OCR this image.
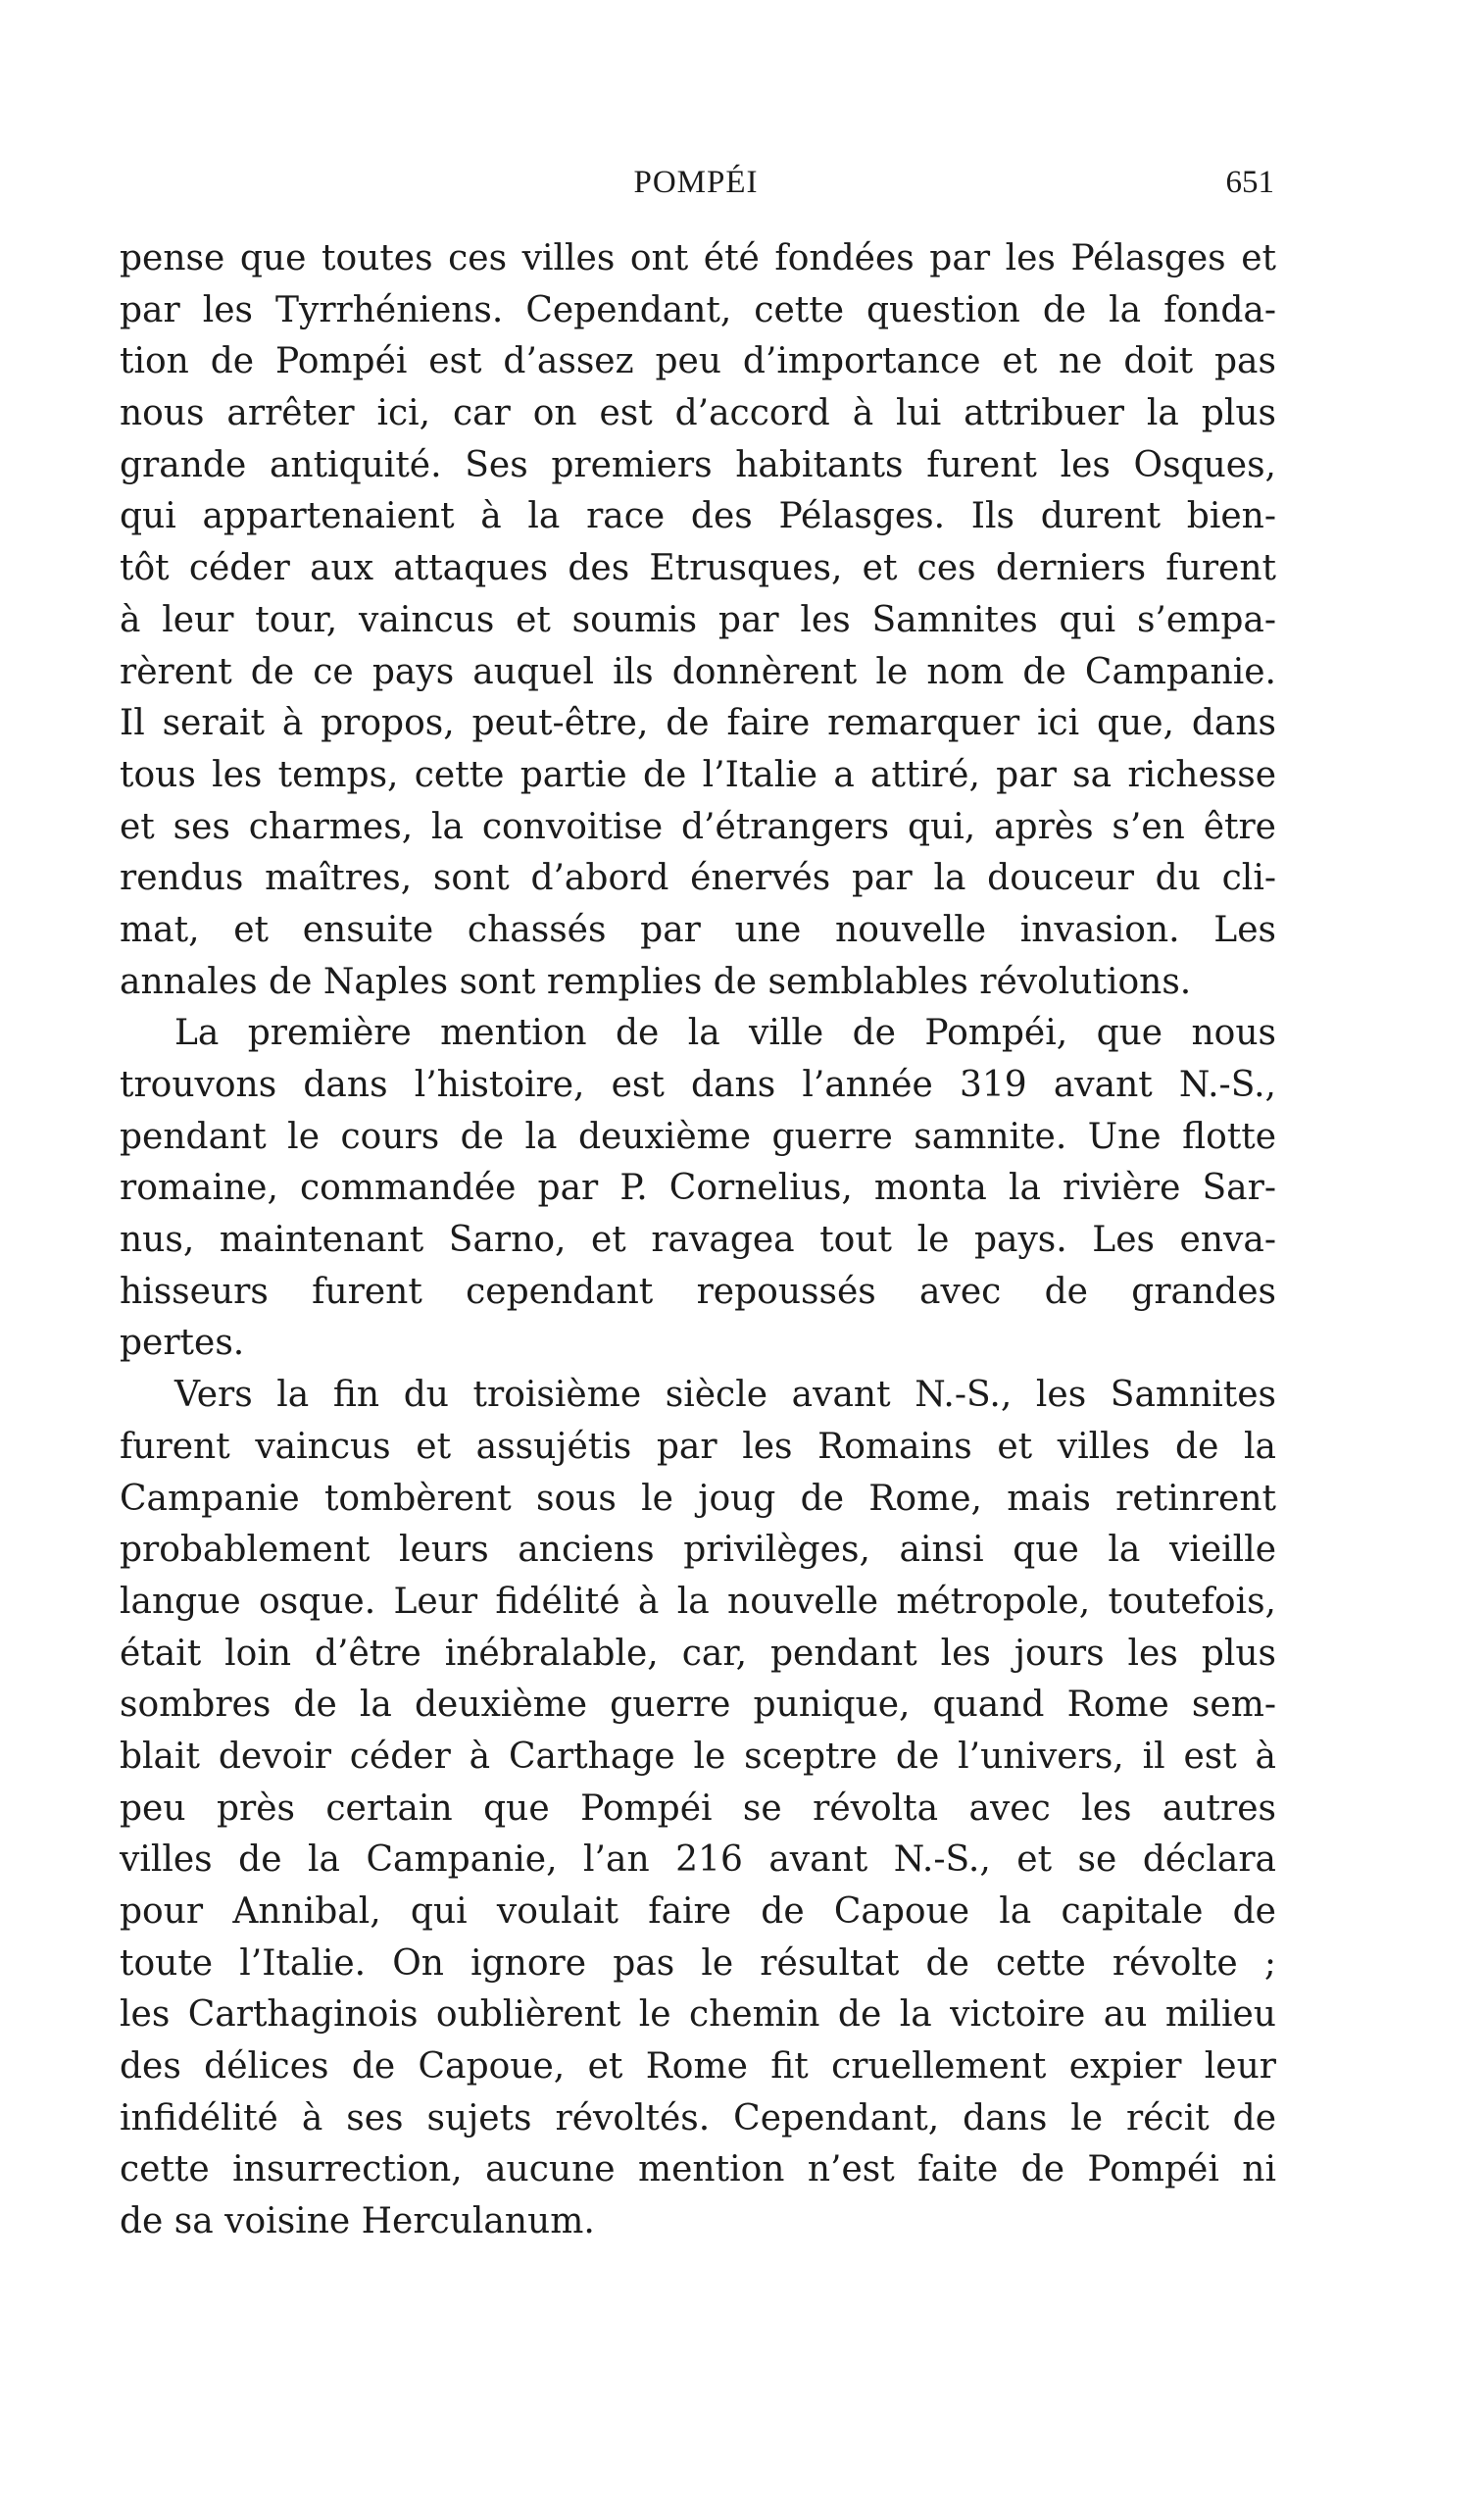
POMPÉI	651
pense que toutes ces villes ont été fondées par les Pélasges et
par les Tyrrhéniens. Cependant, cette question de la fonda-
tion de Pompéi est d’assez peu d’importance et ne doit pas
nous arrêter ici, car on est d’accord à lui attribuer la plus
grande antiquité. Ses premiers habitants furent les Osques,
qui appartenaient à la race des Pélasges. Ils durent bien-
tôt céder aux attaques des Etrusques, et ces derniers furent
à leur tour, vaincus et soumis par les Samnites qui s’empa-
rèrent de ce pays auquel ils donnèrent le nom de Campanie.
Il serait à propos, peut-être, de faire remarquer ici que, dans
tous les temps, cette partie de l’Italie a attiré, par sa richesse
et ses charmes, la convoitise d’étrangers qui, après s’en être
rendus maîtres, sont d’abord énervés par la douceur du cli-
mat, et ensuite chassés par une nouvelle invasion. Les
annales de Naples sont remplies de semblables révolutions.
La première mention de la ville de Pompéi, que nous
trouvons dans l’histoire, est dans l’année 319 avant N.-S.,
pendant le cours de la deuxième guerre samnite. Une flotte
romaine, commandée par P. Cornelius, monta la rivière Sar-
nus, maintenant Sarno, et ravagea tout le pays. Les enva-
hisseurs furent cependant repoussés avec de grandes
pertes.
Vers la fin du troisième siècle avant N.-S., les Samnites
furent vaincus et assujétis par les Romains et villes de la
Campanie tombèrent sous le joug de Rome, mais retinrent
probablement leurs anciens privilèges, ainsi que la vieille
langue osque. Leur fidélité à la nouvelle métropole, toutefois,
était loin d’être inébralable, car, pendant les jours les plus
sombres de la deuxième guerre punique, quand Rome sem-
blait devoir céder à Carthage le sceptre de l’univers, il est à
peu près certain que Pompéi se révolta avec les autres
villes de la Campanie, l’an 216 avant N.-S., et se déclara
pour Annibal, qui voulait faire de Capoue la capitale de
toute l’Italie. On ignore pas le résultat de cette révolte ;
les Carthaginois oublièrent le chemin de la victoire au milieu
des délices de Capoue, et Rome fit cruellement expier leur
infidélité à ses sujets révoltés. Cependant, dans le récit de
cette insurrection, aucune mention n’est faite de Pompéi ni
de sa voisine Herculanum.
